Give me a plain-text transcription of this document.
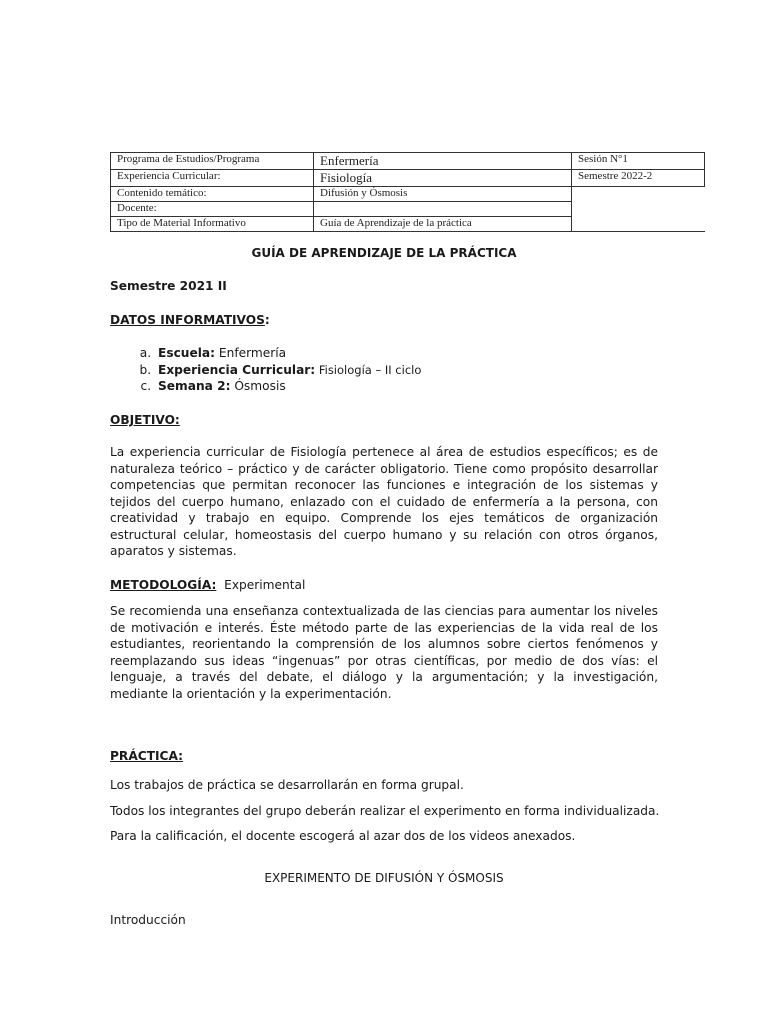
Programa de Estudios/Programa	Enfermería	Sesión N°1
Experiencia Curricular:	Fisiología	Semestre 2022-2
Contenido temático:	Difusión y Ósmosis	
Docente:		
Tipo de Material Informativo	Guía de Aprendizaje de la práctica	

GUÍA DE APRENDIZAJE DE LA PRÁCTICA

Semestre 2021 II

DATOS INFORMATIVOS:

a. Escuela: Enfermería
b. Experiencia Curricular: Fisiología – II ciclo
c. Semana 2: Ósmosis

OBJETIVO:

La experiencia curricular de Fisiología pertenece al área de estudios específicos; es de naturaleza teórico – práctico y de carácter obligatorio. Tiene como propósito desarrollar competencias que permitan reconocer las funciones e integración de los sistemas y tejidos del cuerpo humano, enlazado con el cuidado de enfermería a la persona, con creatividad y trabajo en equipo. Comprende los ejes temáticos de organización estructural celular, homeostasis del cuerpo humano y su relación con otros órganos, aparatos y sistemas.

METODOLOGÍA: Experimental

Se recomienda una enseñanza contextualizada de las ciencias para aumentar los niveles de motivación e interés. Éste método parte de las experiencias de la vida real de los estudiantes, reorientando la comprensión de los alumnos sobre ciertos fenómenos y reemplazando sus ideas “ingenuas” por otras científicas, por medio de dos vías: el lenguaje, a través del debate, el diálogo y la argumentación; y la investigación, mediante la orientación y la experimentación.

PRÁCTICA:

Los trabajos de práctica se desarrollarán en forma grupal.

Todos los integrantes del grupo deberán realizar el experimento en forma individualizada.

Para la calificación, el docente escogerá al azar dos de los videos anexados.

EXPERIMENTO DE DIFUSIÓN Y ÓSMOSIS

Introducción
